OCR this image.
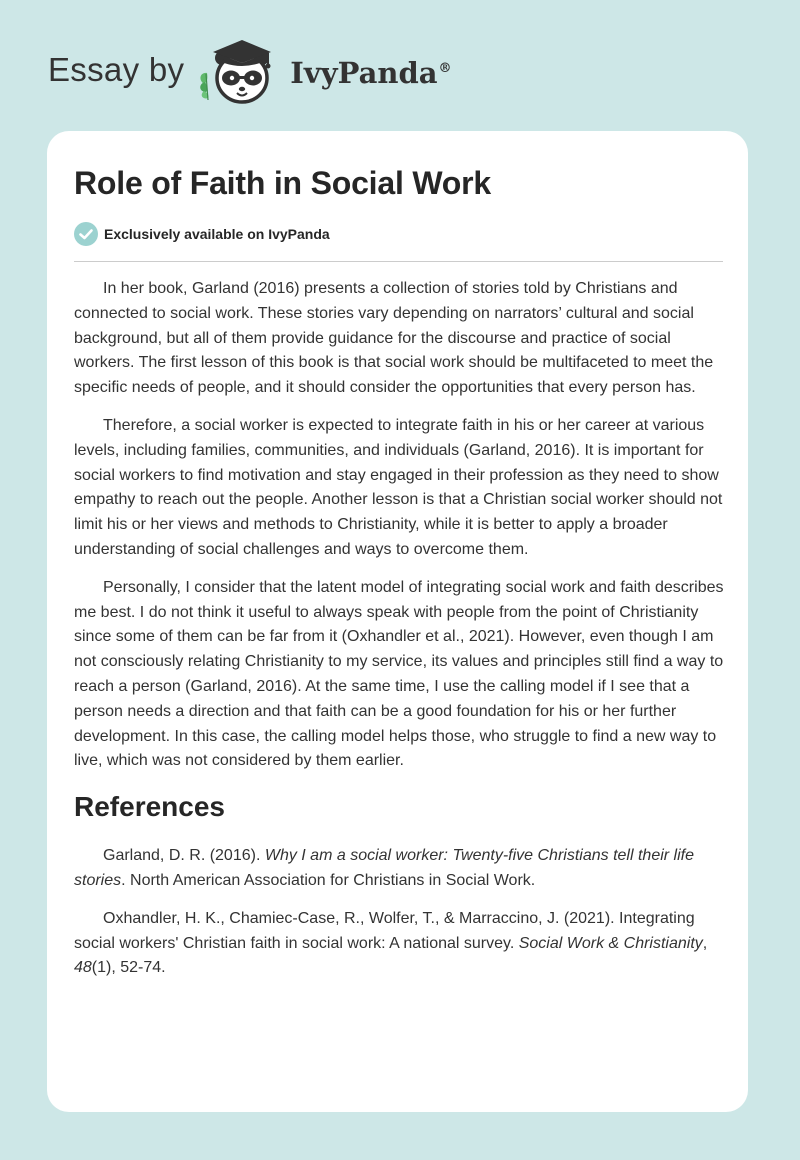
Essay by	IvyPanda®
Role of Faith in Social Work
Exclusively available on IvyPanda

In her book, Garland (2016) presents a collection of stories told by Christians and connected to social work. These stories vary depending on narrators’ cultural and social background, but all of them provide guidance for the discourse and practice of social workers. The first lesson of this book is that social work should be multifaceted to meet the specific needs of people, and it should consider the opportunities that every person has.

Therefore, a social worker is expected to integrate faith in his or her career at various levels, including families, communities, and individuals (Garland, 2016). It is important for social workers to find motivation and stay engaged in their profession as they need to show empathy to reach out the people. Another lesson is that a Christian social worker should not limit his or her views and methods to Christianity, while it is better to apply a broader understanding of social challenges and ways to overcome them.

Personally, I consider that the latent model of integrating social work and faith describes me best. I do not think it useful to always speak with people from the point of Christianity since some of them can be far from it (Oxhandler et al., 2021). However, even though I am not consciously relating Christianity to my service, its values and principles still find a way to reach a person (Garland, 2016). At the same time, I use the calling model if I see that a person needs a direction and that faith can be a good foundation for his or her further development. In this case, the calling model helps those, who struggle to find a new way to live, which was not considered by them earlier.

References

Garland, D. R. (2016). Why I am a social worker: Twenty-five Christians tell their life stories. North American Association for Christians in Social Work.

Oxhandler, H. K., Chamiec-Case, R., Wolfer, T., & Marraccino, J. (2021). Integrating social workers' Christian faith in social work: A national survey. Social Work & Christianity, 48(1), 52-74.
